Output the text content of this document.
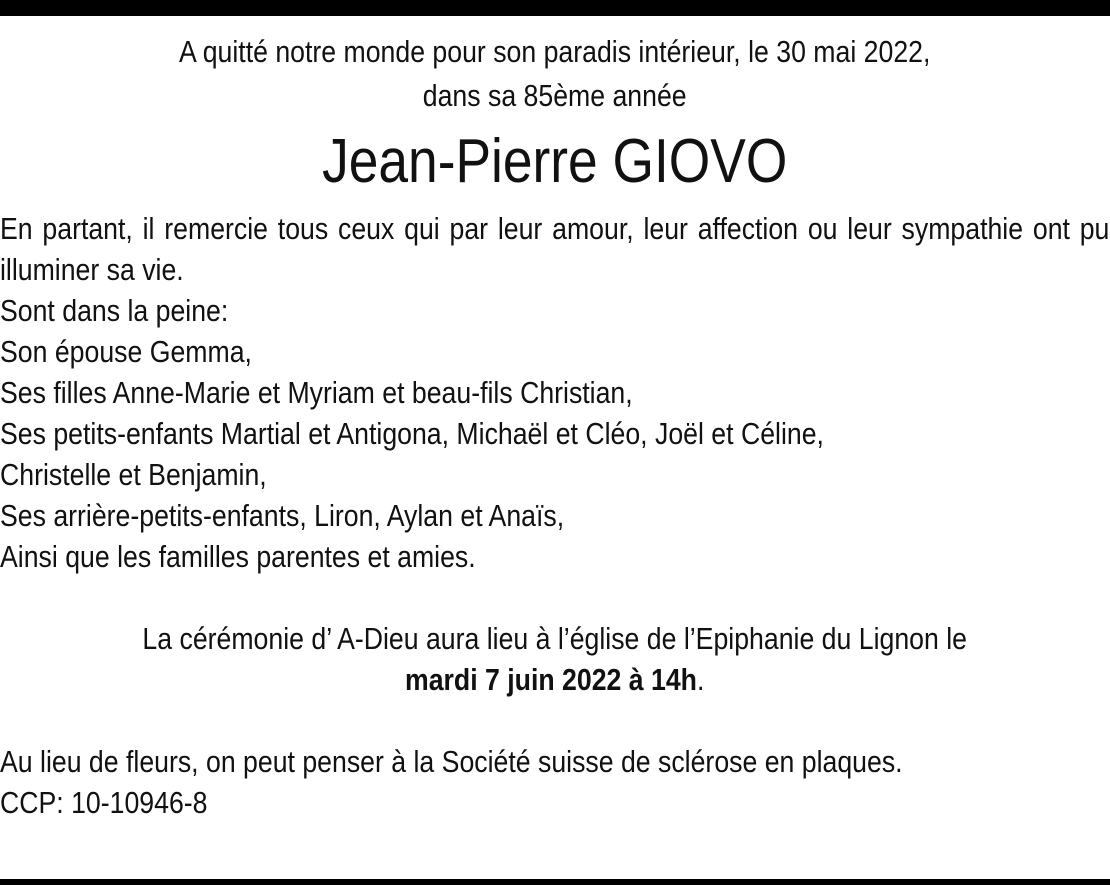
A quitté notre monde pour son paradis intérieur, le 30 mai 2022,
dans sa 85ème année

Jean-Pierre GIOVO

En partant, il remercie tous ceux qui par leur amour, leur affection ou leur sympathie ont pu illuminer sa vie.

Sont dans la peine:
Son épouse Gemma,
Ses filles Anne-Marie et Myriam et beau-fils Christian,
Ses petits-enfants Martial et Antigona, Michaël et Cléo, Joël et Céline,
Christelle et Benjamin,
Ses arrière-petits-enfants, Liron, Aylan et Anaïs,
Ainsi que les familles parentes et amies.

La cérémonie d’ A-Dieu aura lieu à l’église de l’Epiphanie du Lignon le
mardi 7 juin 2022 à 14h.

Au lieu de fleurs, on peut penser à la Société suisse de sclérose en plaques.
CCP: 10-10946-8
